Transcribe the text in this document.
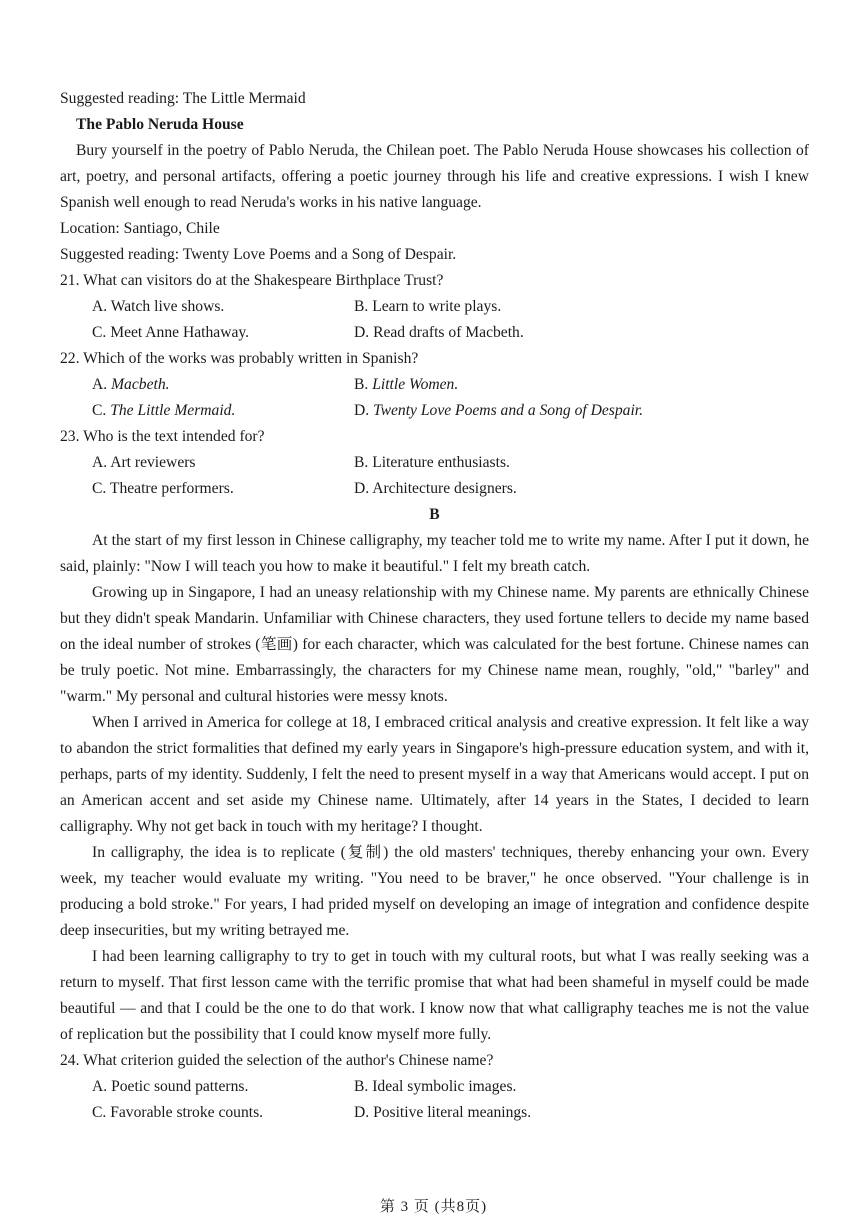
Suggested reading: The Little Mermaid

The Pablo Neruda House

Bury yourself in the poetry of Pablo Neruda, the Chilean poet. The Pablo Neruda House showcases his collection of art, poetry, and personal artifacts, offering a poetic journey through his life and creative expressions. I wish I knew Spanish well enough to read Neruda's works in his native language.

Location: Santiago, Chile

Suggested reading: Twenty Love Poems and a Song of Despair.

21. What can visitors do at the Shakespeare Birthplace Trust?

A. Watch live shows.	B. Learn to write plays.
C. Meet Anne Hathaway.	D. Read drafts of Macbeth.

22. Which of the works was probably written in Spanish?

A. Macbeth.	B. Little Women.
C. The Little Mermaid.	D. Twenty Love Poems and a Song of Despair.

23. Who is the text intended for?

A. Art reviewers	B. Literature enthusiasts.
C. Theatre performers.	D. Architecture designers.

B

At the start of my first lesson in Chinese calligraphy, my teacher told me to write my name. After I put it down, he said, plainly: "Now I will teach you how to make it beautiful." I felt my breath catch.

Growing up in Singapore, I had an uneasy relationship with my Chinese name. My parents are ethnically Chinese but they didn't speak Mandarin. Unfamiliar with Chinese characters, they used fortune tellers to decide my name based on the ideal number of strokes (笔画) for each character, which was calculated for the best fortune. Chinese names can be truly poetic. Not mine. Embarrassingly, the characters for my Chinese name mean, roughly, "old," "barley" and "warm." My personal and cultural histories were messy knots.

When I arrived in America for college at 18, I embraced critical analysis and creative expression. It felt like a way to abandon the strict formalities that defined my early years in Singapore's high-pressure education system, and with it, perhaps, parts of my identity. Suddenly, I felt the need to present myself in a way that Americans would accept. I put on an American accent and set aside my Chinese name. Ultimately, after 14 years in the States, I decided to learn calligraphy. Why not get back in touch with my heritage? I thought.

In calligraphy, the idea is to replicate (复制) the old masters' techniques, thereby enhancing your own. Every week, my teacher would evaluate my writing. "You need to be braver," he once observed. "Your challenge is in producing a bold stroke." For years, I had prided myself on developing an image of integration and confidence despite deep insecurities, but my writing betrayed me.

I had been learning calligraphy to try to get in touch with my cultural roots, but what I was really seeking was a return to myself. That first lesson came with the terrific promise that what had been shameful in myself could be made beautiful — and that I could be the one to do that work. I know now that what calligraphy teaches me is not the value of replication but the possibility that I could know myself more fully.

24. What criterion guided the selection of the author's Chinese name?

A. Poetic sound patterns.	B. Ideal symbolic images.
C. Favorable stroke counts.	D. Positive literal meanings.
第 3 页 (共8页)
